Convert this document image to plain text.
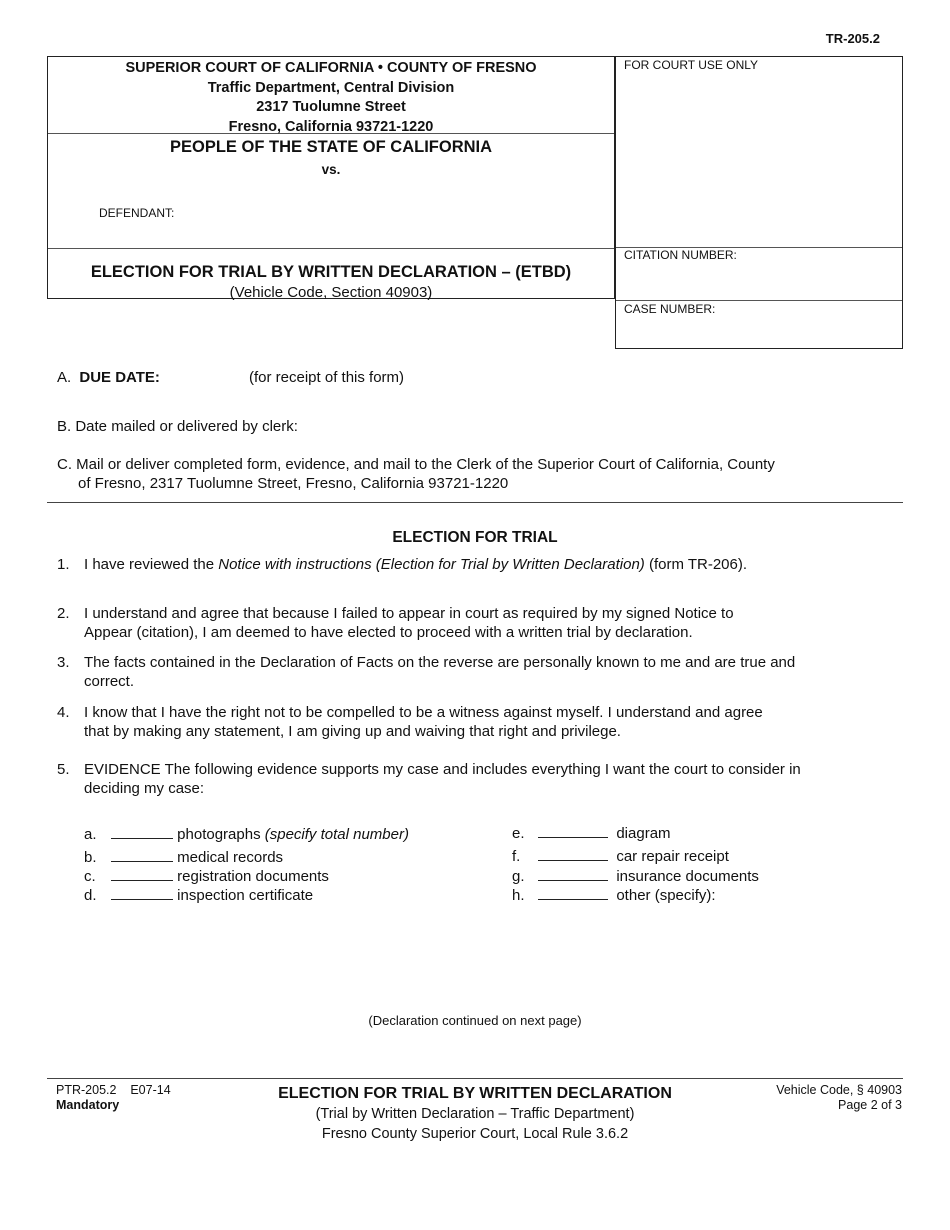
TR-205.2
SUPERIOR COURT OF CALIFORNIA • COUNTY OF FRESNO
Traffic Department, Central Division
2317 Tuolumne Street
Fresno, California 93721-1220
PEOPLE OF THE STATE OF CALIFORNIA
vs.
DEFENDANT:
ELECTION FOR TRIAL BY WRITTEN DECLARATION – (ETBD)
(Vehicle Code, Section 40903)
FOR COURT USE ONLY
CITATION NUMBER:
CASE NUMBER:
A. DUE DATE:	(for receipt of this form)
B. Date mailed or delivered by clerk:
C. Mail or deliver completed form, evidence, and mail to the Clerk of the Superior Court of California, County
of Fresno, 2317 Tuolumne Street, Fresno, California 93721-1220
ELECTION FOR TRIAL
1. I have reviewed the Notice with instructions (Election for Trial by Written Declaration) (form TR-206).
2. I understand and agree that because I failed to appear in court as required by my signed Notice to
Appear (citation), I am deemed to have elected to proceed with a written trial by declaration.
3. The facts contained in the Declaration of Facts on the reverse are personally known to me and are true and
correct.
4. I know that I have the right not to be compelled to be a witness against myself. I understand and agree
that by making any statement, I am giving up and waiving that right and privilege.
5. EVIDENCE The following evidence supports my case and includes everything I want the court to consider in
deciding my case:
a.	photographs (specify total number)
b.	medical records
c.	registration documents
d.	inspection certificate
e.	diagram
f.	car repair receipt
g.	insurance documents
h.	other (specify):
(Declaration continued on next page)
PTR-205.2    E07-14
Mandatory
ELECTION FOR TRIAL BY WRITTEN DECLARATION
(Trial by Written Declaration – Traffic Department)
Fresno County Superior Court, Local Rule 3.6.2
Vehicle Code, § 40903
Page 2 of 3
